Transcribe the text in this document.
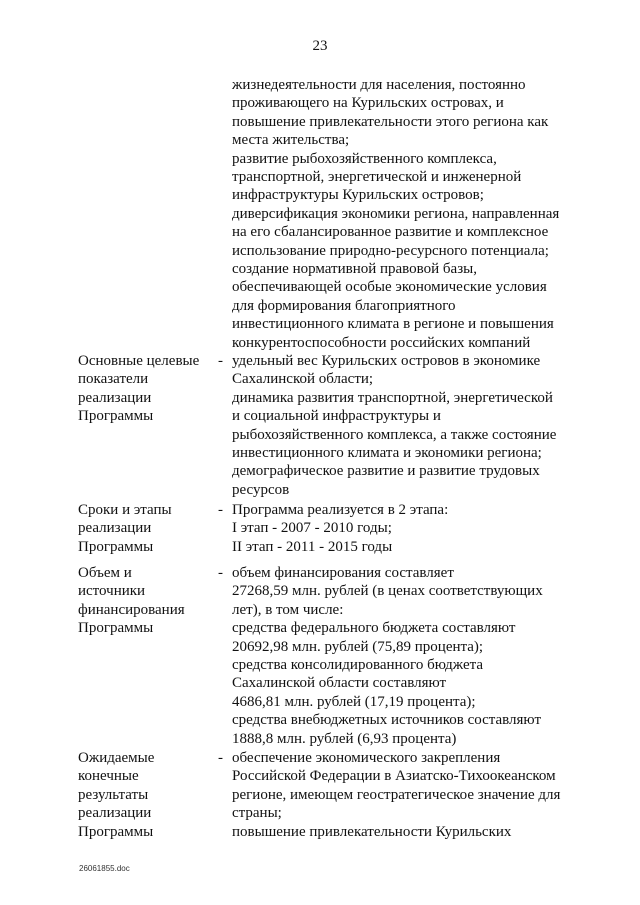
23
жизнедеятельности для населения, постоянно
проживающего на Курильских островах, и
повышение привлекательности этого региона как
места жительства;
развитие рыбохозяйственного комплекса,
транспортной, энергетической и инженерной
инфраструктуры Курильских островов;
диверсификация экономики региона, направленная
на его сбалансированное развитие и комплексное
использование природно-ресурсного потенциала;
создание нормативной правовой базы,
обеспечивающей особые экономические условия
для формирования благоприятного
инвестиционного климата в регионе и повышения
конкурентоспособности российских компаний
Основные целевые
показатели
реализации
Программы
- удельный вес Курильских островов в экономике
Сахалинской области;
динамика развития транспортной, энергетической
и социальной инфраструктуры и
рыбохозяйственного комплекса, а также состояние
инвестиционного климата и экономики региона;
демографическое развитие и развитие трудовых
ресурсов
Сроки и этапы
реализации
Программы
- Программа реализуется в 2 этапа:
I этап - 2007 - 2010 годы;
II этап - 2011 - 2015 годы
Объем и
источники
финансирования
Программы
- объем финансирования составляет
27268,59 млн. рублей (в ценах соответствующих
лет), в том числе:
средства федерального бюджета составляют
20692,98 млн. рублей (75,89 процента);
средства консолидированного бюджета
Сахалинской области составляют
4686,81 млн. рублей (17,19 процента);
средства внебюджетных источников составляют
1888,8 млн. рублей (6,93 процента)
Ожидаемые
конечные
результаты
реализации
Программы
- обеспечение экономического закрепления
Российской Федерации в Азиатско-Тихоокеанском
регионе, имеющем геостратегическое значение для
страны;
повышение привлекательности Курильских
26061855.doc
